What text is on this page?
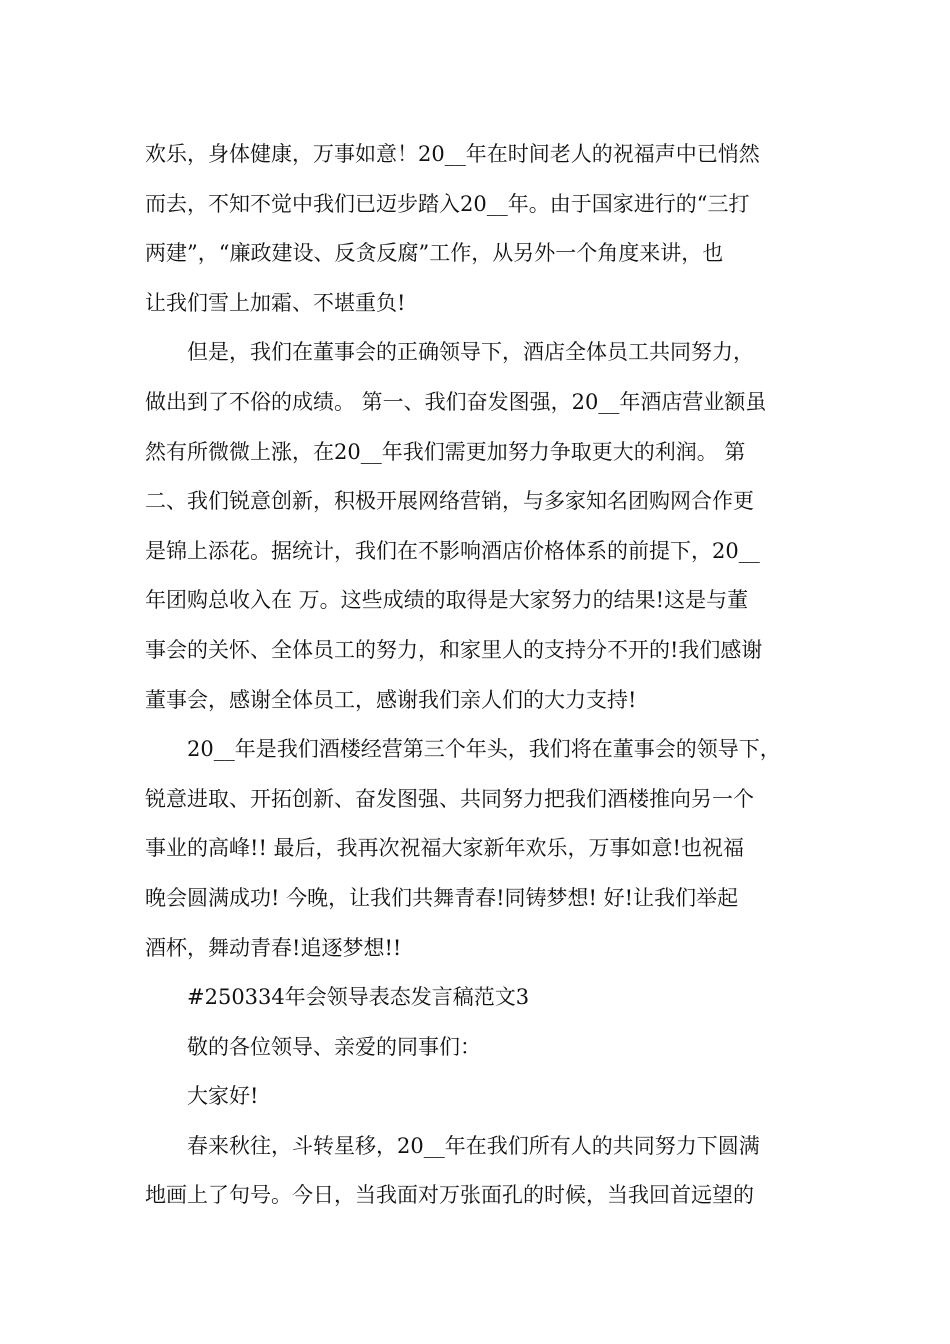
欢乐，身体健康，万事如意！20__年在时间老人的祝福声中已悄然

而去，不知不觉中我们已迈步踏入20__年。由于国家进行的“三打

两建”，“廉政建设、反贪反腐”工作，从另外一个角度来讲，也

让我们雪上加霜、不堪重负!

但是，我们在董事会的正确领导下，酒店全体员工共同努力，

做出到了不俗的成绩。 第一、我们奋发图强，20__年酒店营业额虽

然有所微微上涨，在20__年我们需更加努力争取更大的利润。 第

二、我们锐意创新，积极开展网络营销，与多家知名团购网合作更

是锦上添花。据统计，我们在不影响酒店价格体系的前提下，20__

年团购总收入在 万。这些成绩的取得是大家努力的结果!这是与董

事会的关怀、全体员工的努力，和家里人的支持分不开的!我们感谢

董事会，感谢全体员工，感谢我们亲人们的大力支持!

20__年是我们酒楼经营第三个年头，我们将在董事会的领导下，

锐意进取、开拓创新、奋发图强、共同努力把我们酒楼推向另一个

事业的高峰!! 最后，我再次祝福大家新年欢乐，万事如意!也祝福

晚会圆满成功! 今晚，让我们共舞青春!同铸梦想! 好!让我们举起

酒杯，舞动青春!追逐梦想!!

#250334年会领导表态发言稿范文3

敬的各位领导、亲爱的同事们：

大家好!

春来秋往，斗转星移，20__年在我们所有人的共同努力下圆满

地画上了句号。今日，当我面对万张面孔的时候，当我回首远望的
